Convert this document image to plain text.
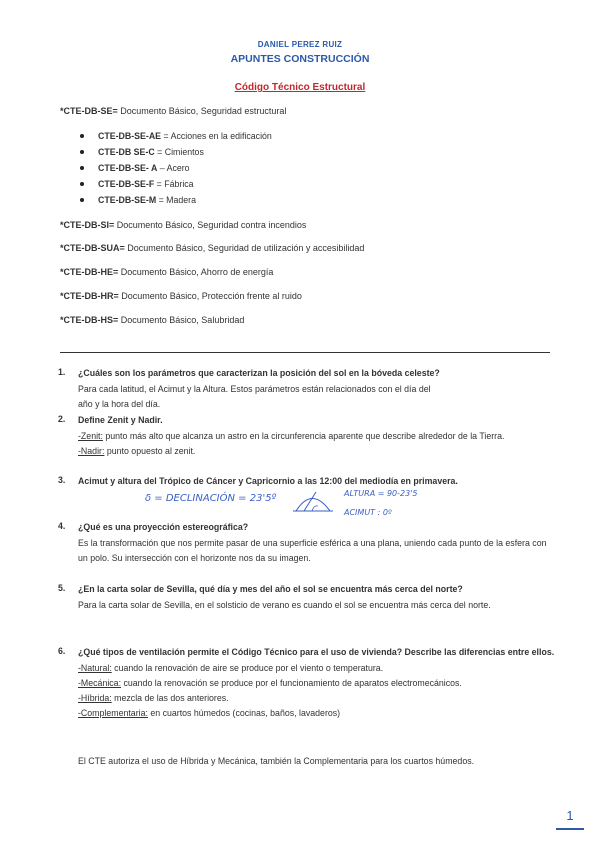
DANIEL PEREZ RUIZ
APUNTES CONSTRUCCIÓN
Código Técnico Estructural
*CTE-DB-SE= Documento Básico, Seguridad estructural
CTE-DB-SE-AE = Acciones en la edificación
CTE-DB SE-C = Cimientos
CTE-DB-SE- A – Acero
CTE-DB-SE-F = Fábrica
CTE-DB-SE-M = Madera
*CTE-DB-SI= Documento Básico, Seguridad contra incendios
*CTE-DB-SUA= Documento Básico, Seguridad de utilización y accesibilidad
*CTE-DB-HE= Documento Básico, Ahorro de energía
*CTE-DB-HR= Documento Básico, Protección frente al ruido
*CTE-DB-HS= Documento Básico, Salubridad
1. ¿Cuáles son los parámetros que caracterizan la posición del sol en la bóveda celeste?

Para cada latitud, el Acimut y la Altura. Estos parámetros están relacionados con el día del

año y la hora del día.

2. Define Zenit y Nadir.

-Zenit: punto más alto que alcanza un astro en la circunferencia aparente que describe alrededor de la Tierra.

-Nadir: punto opuesto al zenit.

3. Acimut y altura del Trópico de Cáncer y Capricornio a las 12:00 del mediodía en primavera.
δ = DECLINACIÓN = 23'5º	ALTURA = 90-23'5
ACIMUT : 0º
4. ¿Qué es una proyección estereográfica?

Es la transformación que nos permite pasar de una superficie esférica a una plana, uniendo cada punto de la esfera con un polo. Su intersección con el horizonte nos da su imagen.

5. ¿En la carta solar de Sevilla, qué día y mes del año el sol se encuentra más cerca del norte?

Para la carta solar de Sevilla, en el solsticio de verano es cuando el sol se encuentra más cerca del norte.

6. ¿Qué tipos de ventilación permite el Código Técnico para el uso de vivienda? Describe las diferencias entre ellos.

-Natural: cuando la renovación de aire se produce por el viento o temperatura.

-Mecánica: cuando la renovación se produce por el funcionamiento de aparatos electromecánicos.

-Híbrida: mezcla de las dos anteriores.

-Complementaria: en cuartos húmedos (cocinas, baños, lavaderos)

El CTE autoriza el uso de Híbrida y Mecánica, también la Complementaria para los cuartos húmedos.

1
